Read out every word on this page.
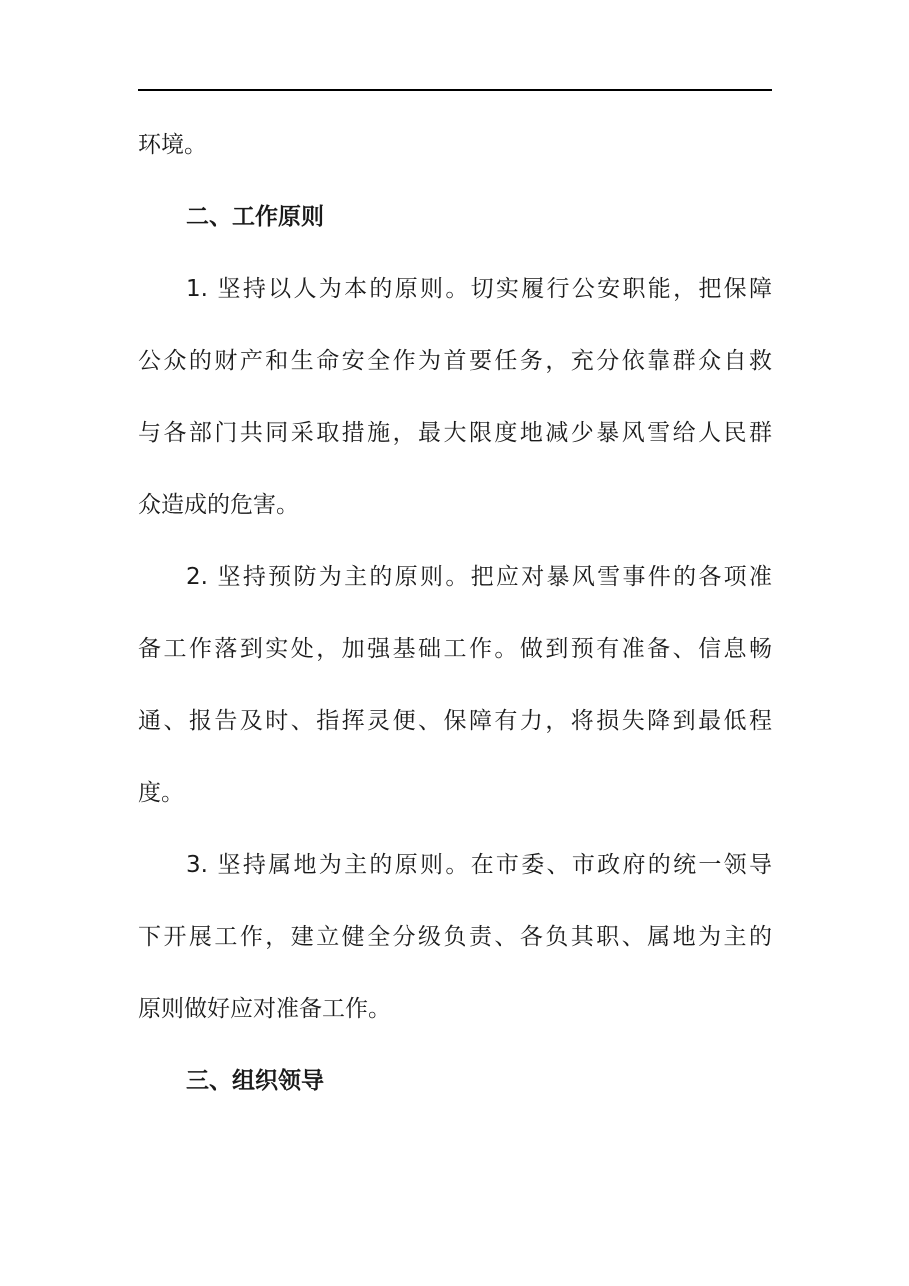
环境。
二、工作原则
1. 坚持以人为本的原则。切实履行公安职能，把保障
公众的财产和生命安全作为首要任务，充分依靠群众自救
与各部门共同采取措施，最大限度地减少暴风雪给人民群
众造成的危害。
2. 坚持预防为主的原则。把应对暴风雪事件的各项准
备工作落到实处，加强基础工作。做到预有准备、信息畅
通、报告及时、指挥灵便、保障有力，将损失降到最低程
度。
3. 坚持属地为主的原则。在市委、市政府的统一领导
下开展工作，建立健全分级负责、各负其职、属地为主的
原则做好应对准备工作。
三、组织领导
